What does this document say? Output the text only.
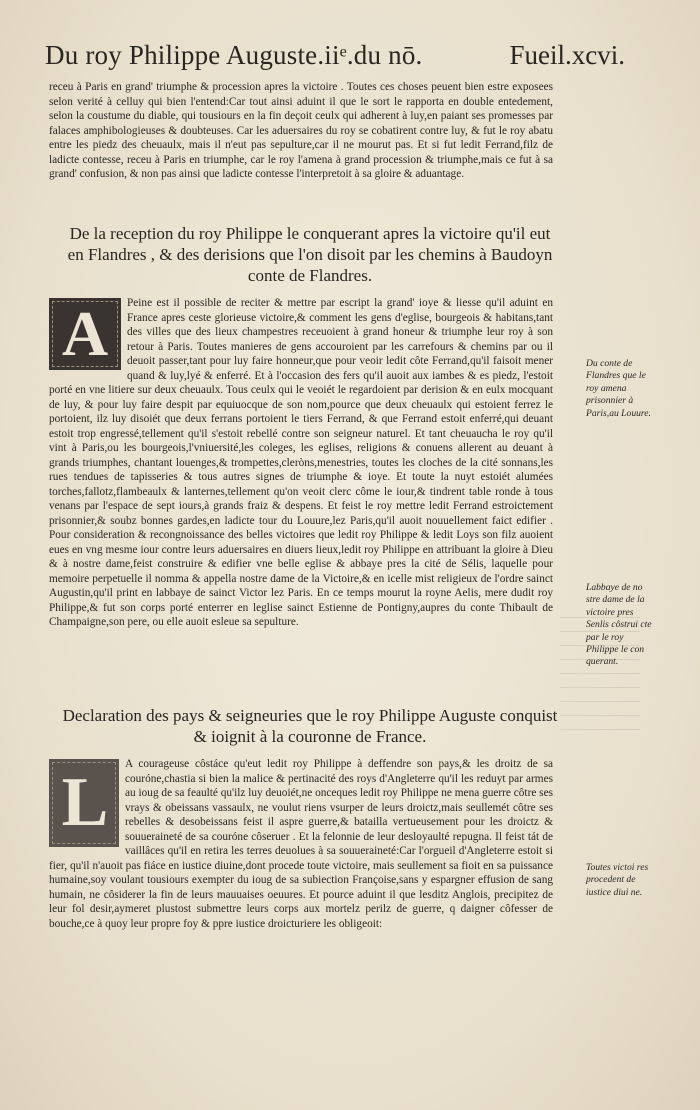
Du roy Philippe Auguste.iiᵉ.du nō.	Fueil.xcvi.

receu à Paris en grand' triumphe & procession apres la victoire . Toutes ces choses peuent bien estre exposees selon verité à celluy qui bien l'entend:Car tout ainsi aduint il que le sort le rapporta en double entedement, selon la coustume du diable, qui tousiours en la fin deçoit ceulx qui adherent à luy,en paiant ses promesses par falaces amphibologieuses & doubteuses. Car les aduersaires du roy se cobatirent contre luy, & fut le roy abatu entre les piedz des cheuaulx, mais il n'eut pas sepulture,car il ne mourut pas. Et si fut ledit Ferrand,filz de ladicte contesse, receu à Paris en triumphe, car le roy l'amena à grand procession & triumphe,mais ce fut à sa grand' confusion, & non pas ainsi que ladicte contesse l'interpretoit à sa gloire & aduantage.

De la reception du roy Philippe le conquerant apres la victoire qu'il eut en Flandres , & des derisions que l'on disoit par les chemins à Baudoyn conte de Flandres.
A	Peine est il possible de reciter & mettre par escript la grand' ioye & liesse qu'il aduint en France apres ceste glorieuse victoire,& comment les gens d'eglise, bourgeois & habitans,tant des villes que des lieux champestres receuoient à grand honeur & triumphe leur roy à son retour à Paris. Toutes manieres de gens accouroient par les carrefours & chemins par ou il deuoit passer,tant pour luy faire honneur,que pour veoir ledit côte Ferrand,qu'il faisoit mener quand & luy,lyé & enferré. Et à l'occasion des fers qu'il auoit aux iambes & es piedz, l'estoit porté en vne litiere sur deux cheuaulx. Tous ceulx qui le veoiét le regardoient par derision & en eulx mocquant de luy, & pour luy faire despit par equiuocque de son nom,pource que deux cheuaulx qui estoient ferrez le portoient, ilz luy disoiét que deux ferrans portoient le tiers Ferrand, & que Ferrand estoit enferré,qui deuant estoit trop engressé,tellement qu'il s'estoit rebellé contre son seigneur naturel. Et tant cheuaucha le roy qu'il vint à Paris,ou les bourgeois,l'vniuersité,les coleges, les eglises, religions & conuens allerent au deuant à grands triumphes, chantant louenges,& trompettes,cleròns,menestries, toutes les cloches de la cité sonnans,les rues tendues de tapisseries & tous autres signes de triumphe & ioye. Et toute la nuyt estoiét alumées torches,fallotz,flambeaulx & lanternes,tellement qu'on veoit clerc côme le iour,& tindrent table ronde à tous venans par l'espace de sept iours,à grands fraiz & despens. Et feist le roy mettre ledit Ferrand estroictement prisonnier,& soubz bonnes gardes,en ladicte tour du Louure,lez Paris,qu'il auoit nouuellement faict edifier . Pour consideration & recongnoissance des belles victoires que ledit roy Philippe & ledit Loys son filz auoient eues en vng mesme iour contre leurs aduersaires en diuers lieux,ledit roy Philippe en attribuant la gloire à Dieu & à nostre dame,feist construire & edifier vne belle eglise & abbaye pres la cité de Sélis, laquelle pour memoire perpetuelle il nomma & appella nostre dame de la Victoire,& en icelle mist religieux de l'ordre sainct Augustin,qu'il print en labbaye de sainct Victor lez Paris. En ce temps mourut la royne Aelis, mere dudit roy Philippe,& fut son corps porté enterrer en leglise sainct Estienne de Pontigny,aupres du conte Thibault de Champaigne,son pere, ou elle auoit esleue sa sepulture.
Du conte de Flandres que le roy amena prisonnier à Paris,au Louure.
Labbaye de no stre dame de la victoire pres Senlis côstrui cte par le roy Philippe le con querant.
Declaration des pays & seigneuries que le roy Philippe Auguste conquist & ioignit à la couronne de France.
L	A courageuse côstáce qu'eut ledit roy Philippe à deffendre son pays,& les droitz de sa couróne,chastia si bien la malice & pertinacité des roys d'Angleterre qu'il les reduyt par armes au ioug de sa feaulté qu'ilz luy deuoiét,ne onceques ledit roy Philippe ne mena guerre côtre ses vrays & obeissans vassaulx, ne voulut riens vsurper de leurs droictz,mais seullemét côtre ses rebelles & desobeissans feist il aspre guerre,& batailla vertueusement pour les droictz & souueraineté de sa couróne côseruer . Et la felonnie de leur desloyaulté repugna. Il feist tát de vaillâces qu'il en retira les terres deuolues à sa souueraineté:Car l'orgueil d'Angleterre estoit si fier, qu'il n'auoit pas fiáce en iustice diuine,dont procede toute victoire, mais seullement sa fioit en sa puissance humaine,soy voulant tousiours exempter du ioug de sa subiection Françoise,sans y espargner effusion de sang humain, ne côsiderer la fin de leurs mauuaises oeuures. Et pource aduint il que lesditz Anglois, precipitez de leur fol desir,aymeret plustost submettre leurs corps aux mortelz perilz de guerre, q daigner côfesser de bouche,ce à quoy leur propre foy & ppre iustice droicturiere les obligeoit:
Toutes victoi res procedent de iustice diui ne.
